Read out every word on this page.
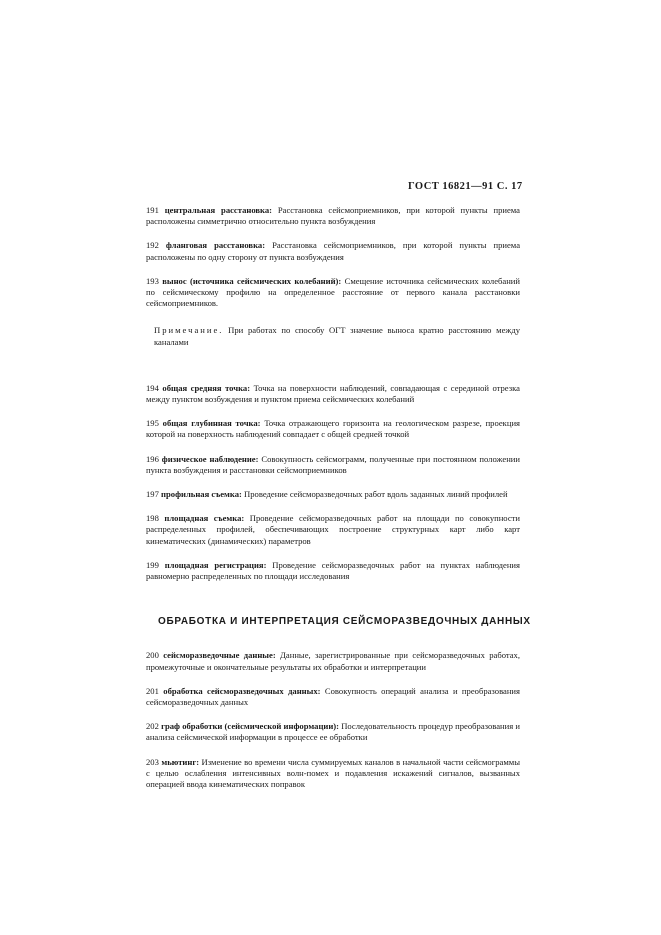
ГОСТ 16821—91 С. 17
191 центральная расстановка: Расстановка сейсмоприемников, при которой пункты приема расположены симметрично относительно пункта возбуждения
192 фланговая расстановка: Расстановка сейсмоприемников, при которой пункты приема расположены по одну сторону от пункта возбуждения
193 вынос (источника сейсмических колебаний): Смещение источника сейсмических колебаний по сейсмическому профилю на определенное расстояние от первого канала расстановки сейсмоприемников.
Примечание. При работах по способу ОГТ значение выноса кратно расстоянию между каналами
194 общая средняя точка: Точка на поверхности наблюдений, совпадающая с серединой отрезка между пунктом возбуждения и пунктом приема сейсмических колебаний
195 общая глубинная точка: Точка отражающего горизонта на геологическом разрезе, проекция которой на поверхность наблюдений совпадает с общей средней точкой
196 физическое наблюдение: Совокупность сейсмограмм, полученные при постоянном положении пункта возбуждения и расстановки сейсмоприемников
197 профильная съемка: Проведение сейсморазведочных работ вдоль заданных линий профилей
198 площадная съемка: Проведение сейсморазведочных работ на площади по совокупности распределенных профилей, обеспечивающих построение структурных карт либо карт кинематических (динамических) параметров
199 площадная регистрация: Проведение сейсморазведочных работ на пунктах наблюдения равномерно распределенных по площади исследования
ОБРАБОТКА И ИНТЕРПРЕТАЦИЯ СЕЙСМОРАЗВЕДОЧНЫХ ДАННЫХ
200 сейсморазведочные данные: Данные, зарегистрированные при сейсморазведочных работах, промежуточные и окончательные результаты их обработки и интерпретации
201 обработка сейсморазведочных данных: Совокупность операций анализа и преобразования сейсморазведочных данных
202 граф обработки (сейсмической информации): Последовательность процедур преобразования и анализа сейсмической информации в процессе ее обработки
203 мьютинг: Изменение во времени числа суммируемых каналов в начальной части сейсмограммы с целью ослабления интенсивных волн-помех и подавления искажений сигналов, вызванных операцией ввода кинематических поправок
